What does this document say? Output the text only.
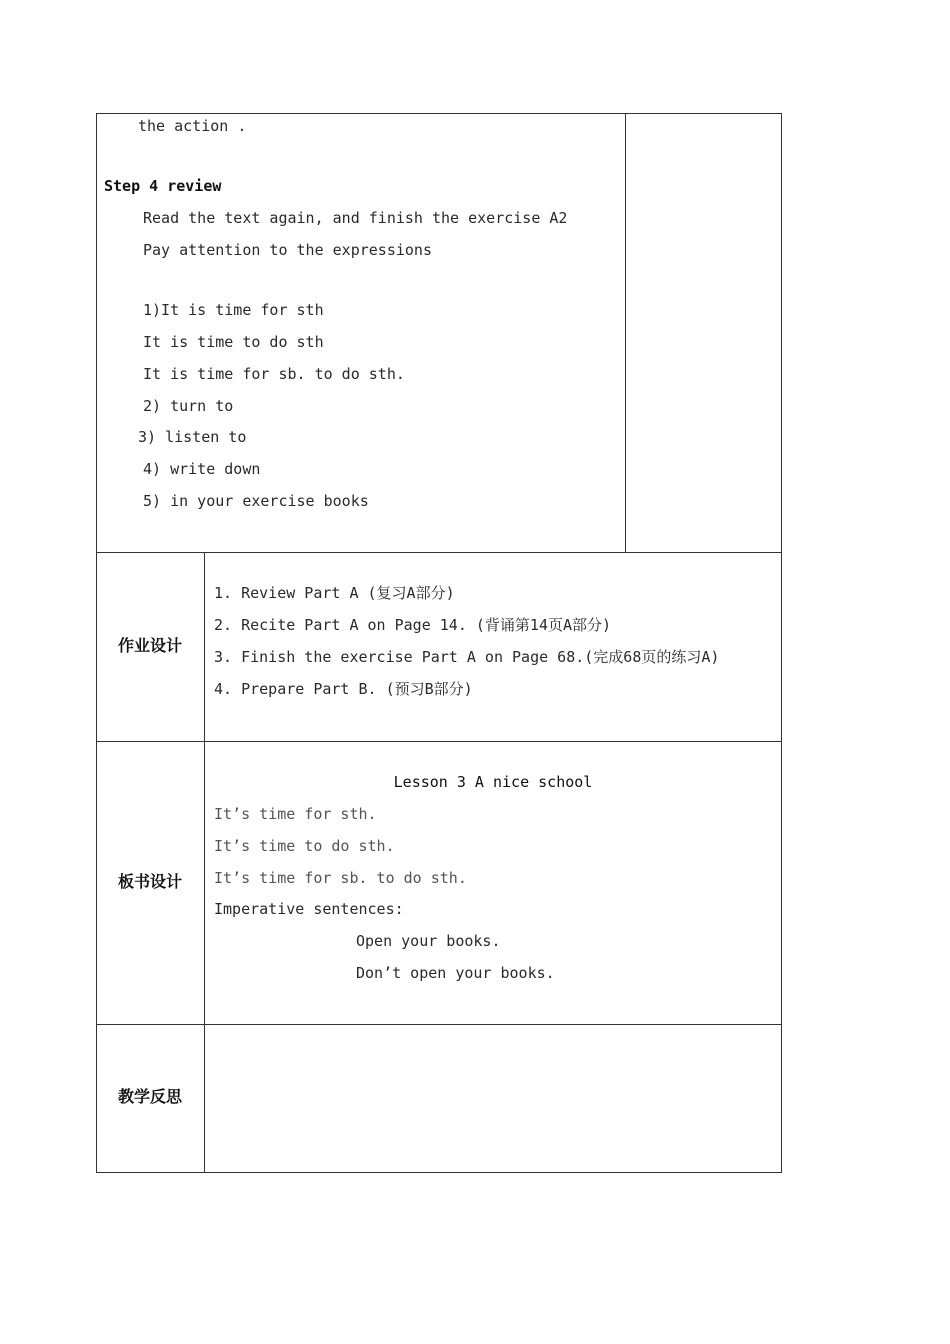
the action .
Step 4 review
Read the text again, and finish the exercise A2
Pay attention to the expressions
1)It is time for sth
It is time to do sth
It is time for sb. to do sth.
2) turn to
3) listen to
4) write down
5) in your exercise books
作业设计
1. Review Part A (复习A部分)
2. Recite Part A on Page 14. (背诵第14页A部分)
3. Finish the exercise Part A on Page 68.(完成68页的练习A)
4. Prepare Part B. (预习B部分)
板书设计
Lesson 3 A nice school
It’s time for sth.
It’s time to do sth.
It’s time for sb. to do sth.
Imperative sentences:
Open your books.
Don’t open your books.
教学反思
